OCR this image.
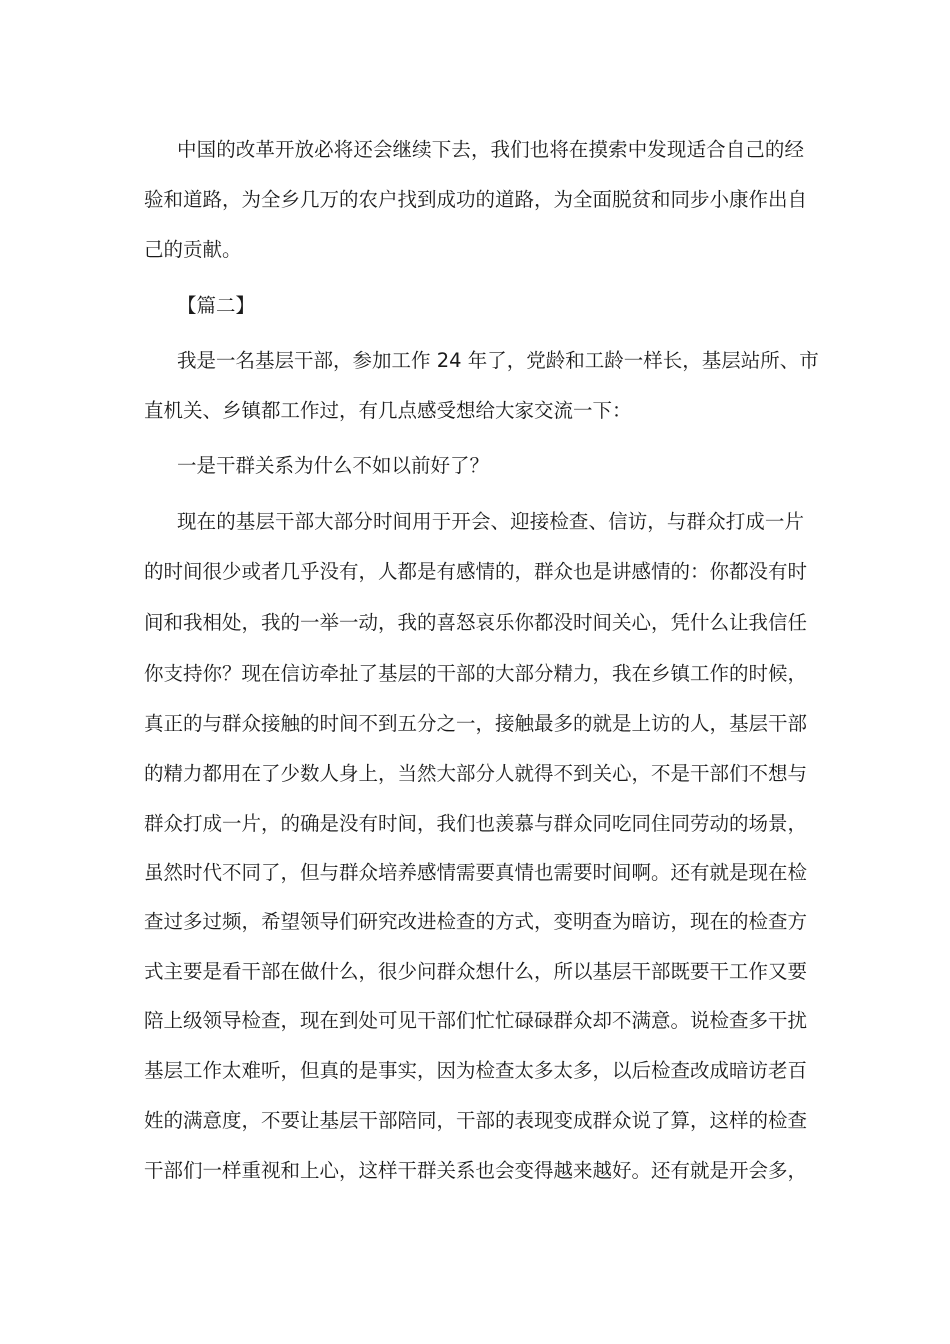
中国的改革开放必将还会继续下去，我们也将在摸索中发现适合自己的经
验和道路，为全乡几万的农户找到成功的道路，为全面脱贫和同步小康作出自
己的贡献。
【篇二】
我是一名基层干部，参加工作 24 年了，党龄和工龄一样长，基层站所、市
直机关、乡镇都工作过，有几点感受想给大家交流一下：
一是干群关系为什么不如以前好了？
现在的基层干部大部分时间用于开会、迎接检查、信访，与群众打成一片
的时间很少或者几乎没有，人都是有感情的，群众也是讲感情的：你都没有时
间和我相处，我的一举一动，我的喜怒哀乐你都没时间关心，凭什么让我信任
你支持你？现在信访牵扯了基层的干部的大部分精力，我在乡镇工作的时候，
真正的与群众接触的时间不到五分之一，接触最多的就是上访的人，基层干部
的精力都用在了少数人身上，当然大部分人就得不到关心，不是干部们不想与
群众打成一片，的确是没有时间，我们也羡慕与群众同吃同住同劳动的场景，
虽然时代不同了，但与群众培养感情需要真情也需要时间啊。还有就是现在检
查过多过频，希望领导们研究改进检查的方式，变明查为暗访，现在的检查方
式主要是看干部在做什么，很少问群众想什么，所以基层干部既要干工作又要
陪上级领导检查，现在到处可见干部们忙忙碌碌群众却不满意。说检查多干扰
基层工作太难听，但真的是事实，因为检查太多太多，以后检查改成暗访老百
姓的满意度，不要让基层干部陪同，干部的表现变成群众说了算，这样的检查
干部们一样重视和上心，这样干群关系也会变得越来越好。还有就是开会多，
